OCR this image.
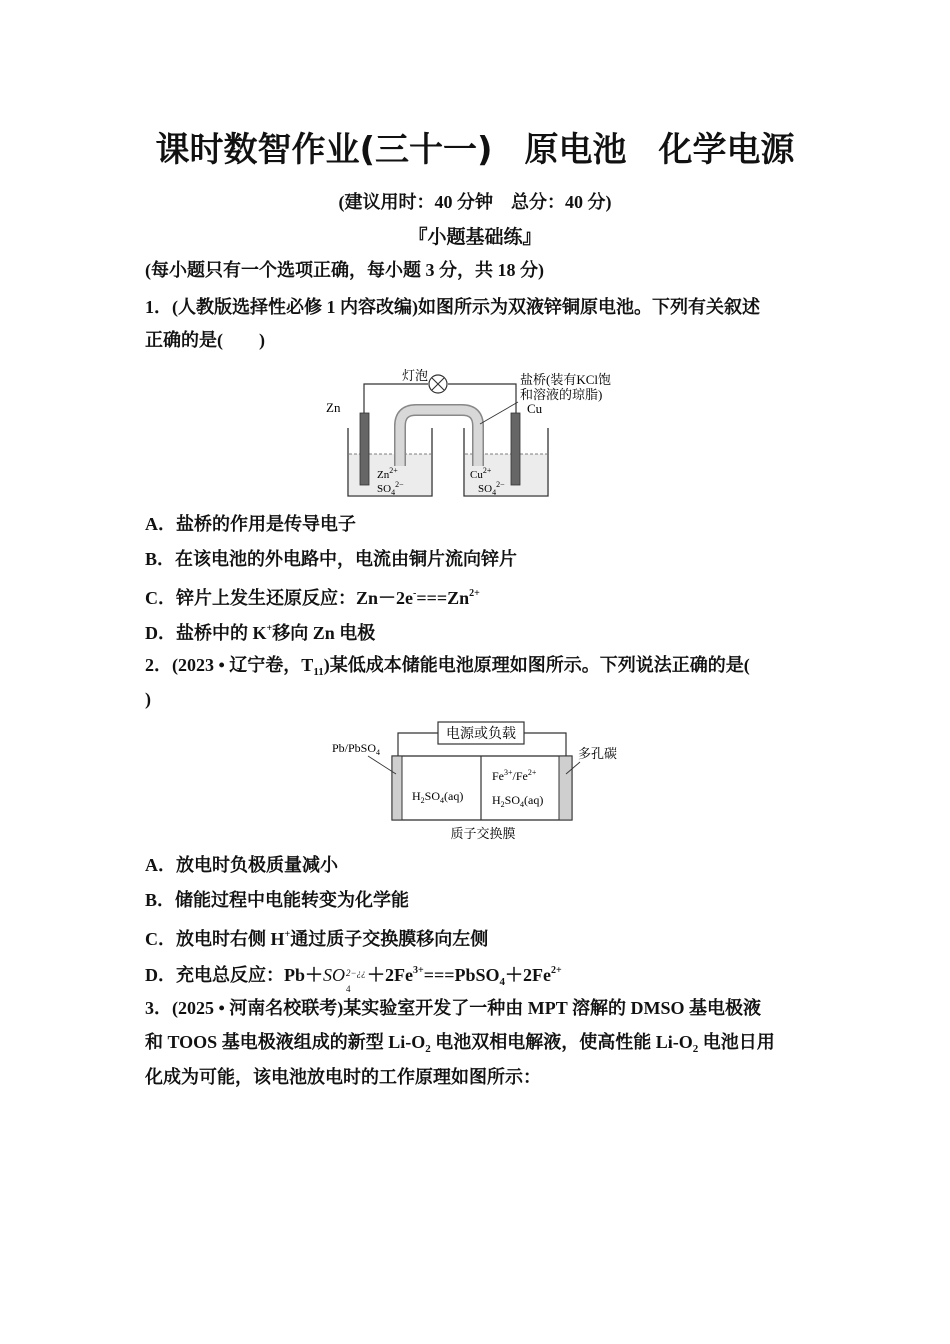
课时数智作业(三十一) 原电池 化学电源
(建议用时：40 分钟 总分：40 分)
『小题基础练』
(每小题只有一个选项正确，每小题 3 分，共 18 分)
1．(人教版选择性必修 1 内容改编)如图所示为双液锌铜原电池。下列有关叙述
正确的是(　　)
灯泡
Zn	Cu
盐桥(装有KCl饱
和溶液的琼脂)
$Zn^{2+}$
$SO_4^{2-}$
$Cu^{2+}$
$SO_4^{2-}$
A．盐桥的作用是传导电子
B．在该电池的外电路中，电流由铜片流向锌片
C．锌片上发生还原反应：$Zn-2e^-===Zn^{2+}$
D．盐桥中的 K+移向 Zn 电极
2．(2023 • 辽宁卷，$T_{11}$)某低成本储能电池原理如图所示。下列说法正确的是(
)
电源或负载
Pb/PbSO$_4$	多孔碳
$H_2SO_4(aq)$
$Fe^{3+}/Fe^{2+}$
$H_2SO_4(aq)$
质子交换膜
A．放电时负极质量减小
B．储能过程中电能转变为化学能
C．放电时右侧 H+通过质子交换膜移向左侧
D．充电总反应：Pb＋SO 2−¿¿
4
$+2Fe^{3+}===PbSO_4+2Fe^{2+}$
3．(2025 • 河南名校联考)某实验室开发了一种由 MPT 溶解的 DMSO 基电极液
和 TOOS 基电极液组成的新型 $Li-O_2$ 电池双相电解液，使高性能 $Li-O_2$ 电池日用
化成为可能，该电池放电时的工作原理如图所示：
